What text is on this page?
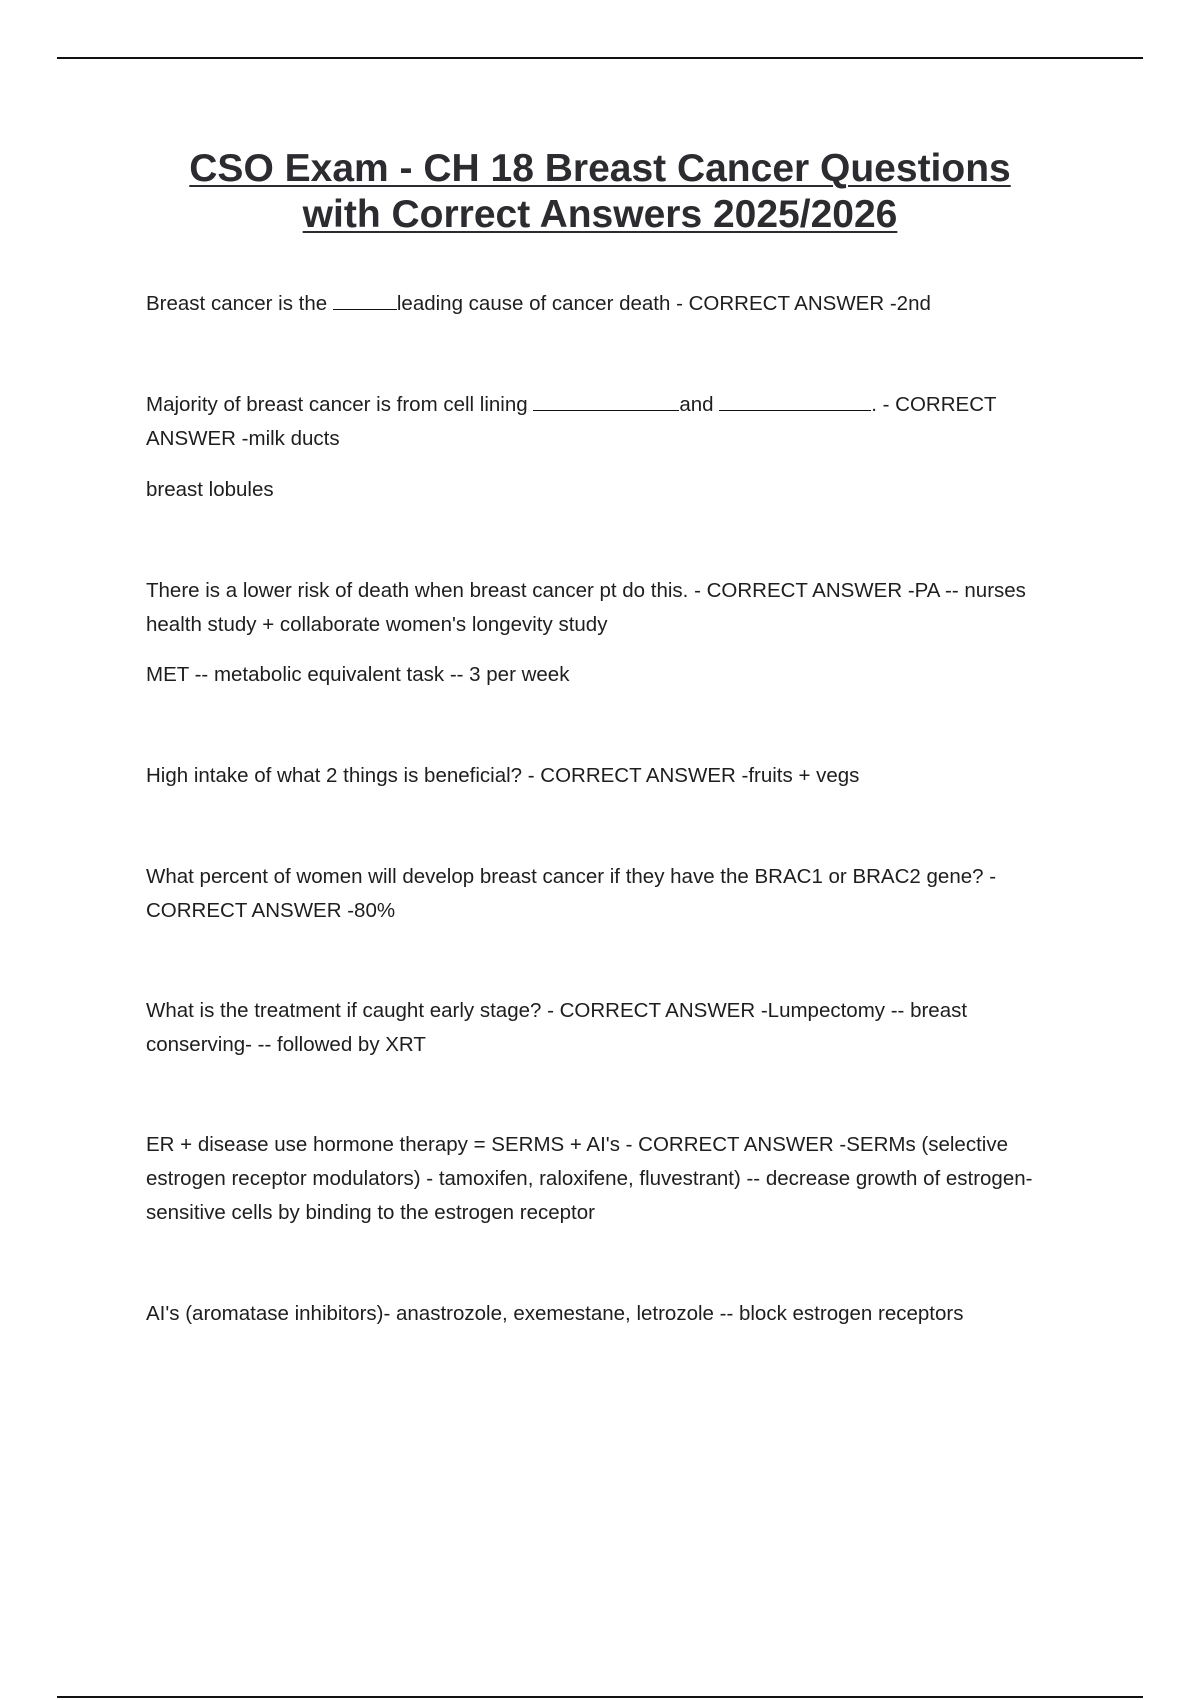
CSO Exam - CH 18 Breast Cancer Questions
with Correct Answers 2025/2026

Breast cancer is the	leading cause of cancer death - CORRECT ANSWER -2nd

Majority of breast cancer is from cell lining	and	. - CORRECT ANSWER -milk ducts

breast lobules

There is a lower risk of death when breast cancer pt do this. - CORRECT ANSWER -PA -- nurses health study + collaborate women's longevity study

MET -- metabolic equivalent task -- 3 per week

High intake of what 2 things is beneficial? - CORRECT ANSWER -fruits + vegs

What percent of women will develop breast cancer if they have the BRAC1 or BRAC2 gene? - CORRECT ANSWER -80%

What is the treatment if caught early stage? - CORRECT ANSWER -Lumpectomy -- breast conserving- -- followed by XRT

ER + disease use hormone therapy = SERMS + AI's - CORRECT ANSWER -SERMs (selective estrogen receptor modulators) - tamoxifen, raloxifene, fluvestrant) -- decrease growth of estrogen-sensitive cells by binding to the estrogen receptor

AI's (aromatase inhibitors)- anastrozole, exemestane, letrozole -- block estrogen receptors
